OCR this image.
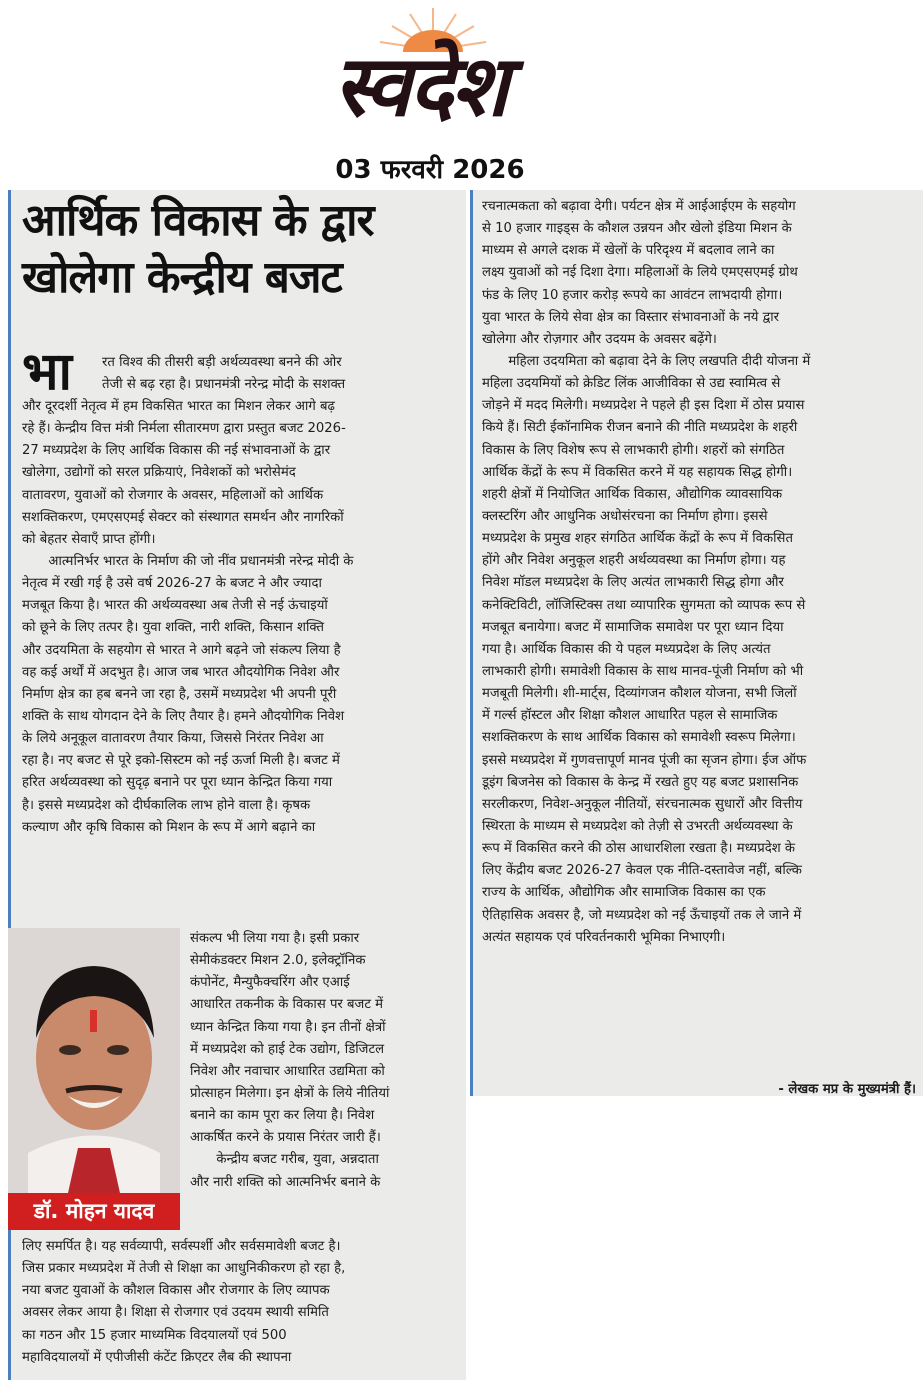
स्वदेश
03 फरवरी 2026
आर्थिक विकास के द्वार
खोलेगा केन्द्रीय बजट
भा रत विश्व की तीसरी बड़ी अर्थव्यवस्था बनने की ओर
तेजी से बढ़ रहा है। प्रधानमंत्री नरेन्द्र मोदी के सशक्त
और दूरदर्शी नेतृत्व में हम विकसित भारत का मिशन लेकर आगे बढ़
रहे हैं। केन्द्रीय वित्त मंत्री निर्मला सीतारमण द्वारा प्रस्तुत बजट 2026-
27 मध्यप्रदेश के लिए आर्थिक विकास की नई संभावनाओं के द्वार
खोलेगा, उद्योगों को सरल प्रक्रियाएं, निवेशकों को भरोसेमंद
वातावरण, युवाओं को रोजगार के अवसर, महिलाओं को आर्थिक
सशक्तिकरण, एमएसएमई सेक्टर को संस्थागत समर्थन और नागरिकों
को बेहतर सेवाएँ प्राप्त होंगी।
  आत्मनिर्भर भारत के निर्माण की जो नींव प्रधानमंत्री नरेन्द्र मोदी के
नेतृत्व में रखी गई है उसे वर्ष 2026-27 के बजट ने और ज्यादा
मजबूत किया है। भारत की अर्थव्यवस्था अब तेजी से नई ऊंचाइयों
को छूने के लिए तत्पर है। युवा शक्ति, नारी शक्ति, किसान शक्ति
और उदयमिता के सहयोग से भारत ने आगे बढ़ने जो संकल्प लिया है
वह कई अर्थों में अदभुत है। आज जब भारत औदयोगिक निवेश और
निर्माण क्षेत्र का हब बनने जा रहा है, उसमें मध्यप्रदेश भी अपनी पूरी
शक्ति के साथ योगदान देने के लिए तैयार है। हमने औदयोगिक निवेश
के लिये अनूकूल वातावरण तैयार किया, जिससे निरंतर निवेश आ
रहा है। नए बजट से पूरे इको-सिस्टम को नई ऊर्जा मिली है। बजट में
हरित अर्थव्यवस्था को सुदृढ़ बनाने पर पूरा ध्यान केन्द्रित किया गया
है। इससे मध्यप्रदेश को दीर्घकालिक लाभ होने वाला है। कृषक
कल्याण और कृषि विकास को मिशन के रूप में आगे बढ़ाने का
संकल्प भी लिया गया है। इसी प्रकार
सेमीकंडक्टर मिशन 2.0, इलेक्ट्रॉनिक
कंपोनेंट, मैन्युफैक्चरिंग और एआई
आधारित तकनीक के विकास पर बजट में
ध्यान केन्द्रित किया गया है। इन तीनों क्षेत्रों
में मध्यप्रदेश को हाई टेक उद्योग, डिजिटल
निवेश और नवाचार आधारित उद्यमिता को
प्रोत्साहन मिलेगा। इन क्षेत्रों के लिये नीतियां
बनाने का काम पूरा कर लिया है। निवेश
आकर्षित करने के प्रयास निरंतर जारी हैं।
  केन्द्रीय बजट गरीब, युवा, अन्नदाता
और नारी शक्ति को आत्मनिर्भर बनाने के
लिए समर्पित है। यह सर्वव्यापी, सर्वस्पर्शी और सर्वसमावेशी बजट है।
जिस प्रकार मध्यप्रदेश में तेजी से शिक्षा का आधुनिकीकरण हो रहा है,
नया बजट युवाओं के कौशल विकास और रोजगार के लिए व्यापक
अवसर लेकर आया है। शिक्षा से रोजगार एवं उदयम स्थायी समिति
का गठन और 15 हजार माध्यमिक विदयालयों एवं 500
महाविदयालयों में एपीजीसी कंटेंट क्रिएटर लैब की स्थापना
रचनात्मकता को बढ़ावा देगी। पर्यटन क्षेत्र में आईआईएम के सहयोग
से 10 हजार गाइड्स के कौशल उन्नयन और खेलो इंडिया मिशन के
माध्यम से अगले दशक में खेलों के परिदृश्य में बदलाव लाने का
लक्ष्य युवाओं को नई दिशा देगा। महिलाओं के लिये एमएसएमई ग्रोथ
फंड के लिए 10 हजार करोड़ रूपये का आवंटन लाभदायी होगा।
युवा भारत के लिये सेवा क्षेत्र का विस्तार संभावनाओं के नये द्वार
खोलेगा और रोज़गार और उदयम के अवसर बढ़ेंगे।
  महिला उदयमिता को बढ़ावा देने के लिए लखपति दीदी योजना में
महिला उदयमियों को क्रेडिट लिंक आजीविका से उद्य स्वामित्व से
जोड़ने में मदद मिलेगी। मध्यप्रदेश ने पहले ही इस दिशा में ठोस प्रयास
किये हैं। सिटी ईकॉनामिक रीजन बनाने की नीति मध्यप्रदेश के शहरी
विकास के लिए विशेष रूप से लाभकारी होगी। शहरों को संगठित
आर्थिक केंद्रों के रूप में विकसित करने में यह सहायक सिद्ध होगी।
शहरी क्षेत्रों में नियोजित आर्थिक विकास, औद्योगिक व्यावसायिक
क्लस्टरिंग और आधुनिक अधोसंरचना का निर्माण होगा। इससे
मध्यप्रदेश के प्रमुख शहर संगठित आर्थिक केंद्रों के रूप में विकसित
होंगे और निवेश अनुकूल शहरी अर्थव्यवस्था का निर्माण होगा। यह
निवेश मॉडल मध्यप्रदेश के लिए अत्यंत लाभकारी सिद्ध होगा और
कनेक्टिविटी, लॉजिस्टिक्स तथा व्यापारिक सुगमता को व्यापक रूप से
मजबूत बनायेगा। बजट में सामाजिक समावेश पर पूरा ध्यान दिया
गया है। आर्थिक विकास की ये पहल मध्यप्रदेश के लिए अत्यंत
लाभकारी होगी। समावेशी विकास के साथ मानव-पूंजी निर्माण को भी
मजबूती मिलेगी। शी-मार्ट्स, दिव्यांगजन कौशल योजना, सभी जिलों
में गर्ल्स हॉस्टल और शिक्षा कौशल आधारित पहल से सामाजिक
सशक्तिकरण के साथ आर्थिक विकास को समावेशी स्वरूप मिलेगा।
इससे मध्यप्रदेश में गुणवत्तापूर्ण मानव पूंजी का सृजन होगा। ईज ऑफ
डूइंग बिजनेस को विकास के केन्द्र में रखते हुए यह बजट प्रशासनिक
सरलीकरण, निवेश-अनुकूल नीतियों, संरचनात्मक सुधारों और वित्तीय
स्थिरता के माध्यम से मध्यप्रदेश को तेज़ी से उभरती अर्थव्यवस्था के
रूप में विकसित करने की ठोस आधारशिला रखता है। मध्यप्रदेश के
लिए केंद्रीय बजट 2026-27 केवल एक नीति-दस्तावेज नहीं, बल्कि
राज्य के आर्थिक, औद्योगिक और सामाजिक विकास का एक
ऐतिहासिक अवसर है, जो मध्यप्रदेश को नई ऊँचाइयों तक ले जाने में
अत्यंत सहायक एवं परिवर्तनकारी भूमिका निभाएगी।
- लेखक मप्र के मुख्यमंत्री हैं।
डॉ. मोहन यादव
